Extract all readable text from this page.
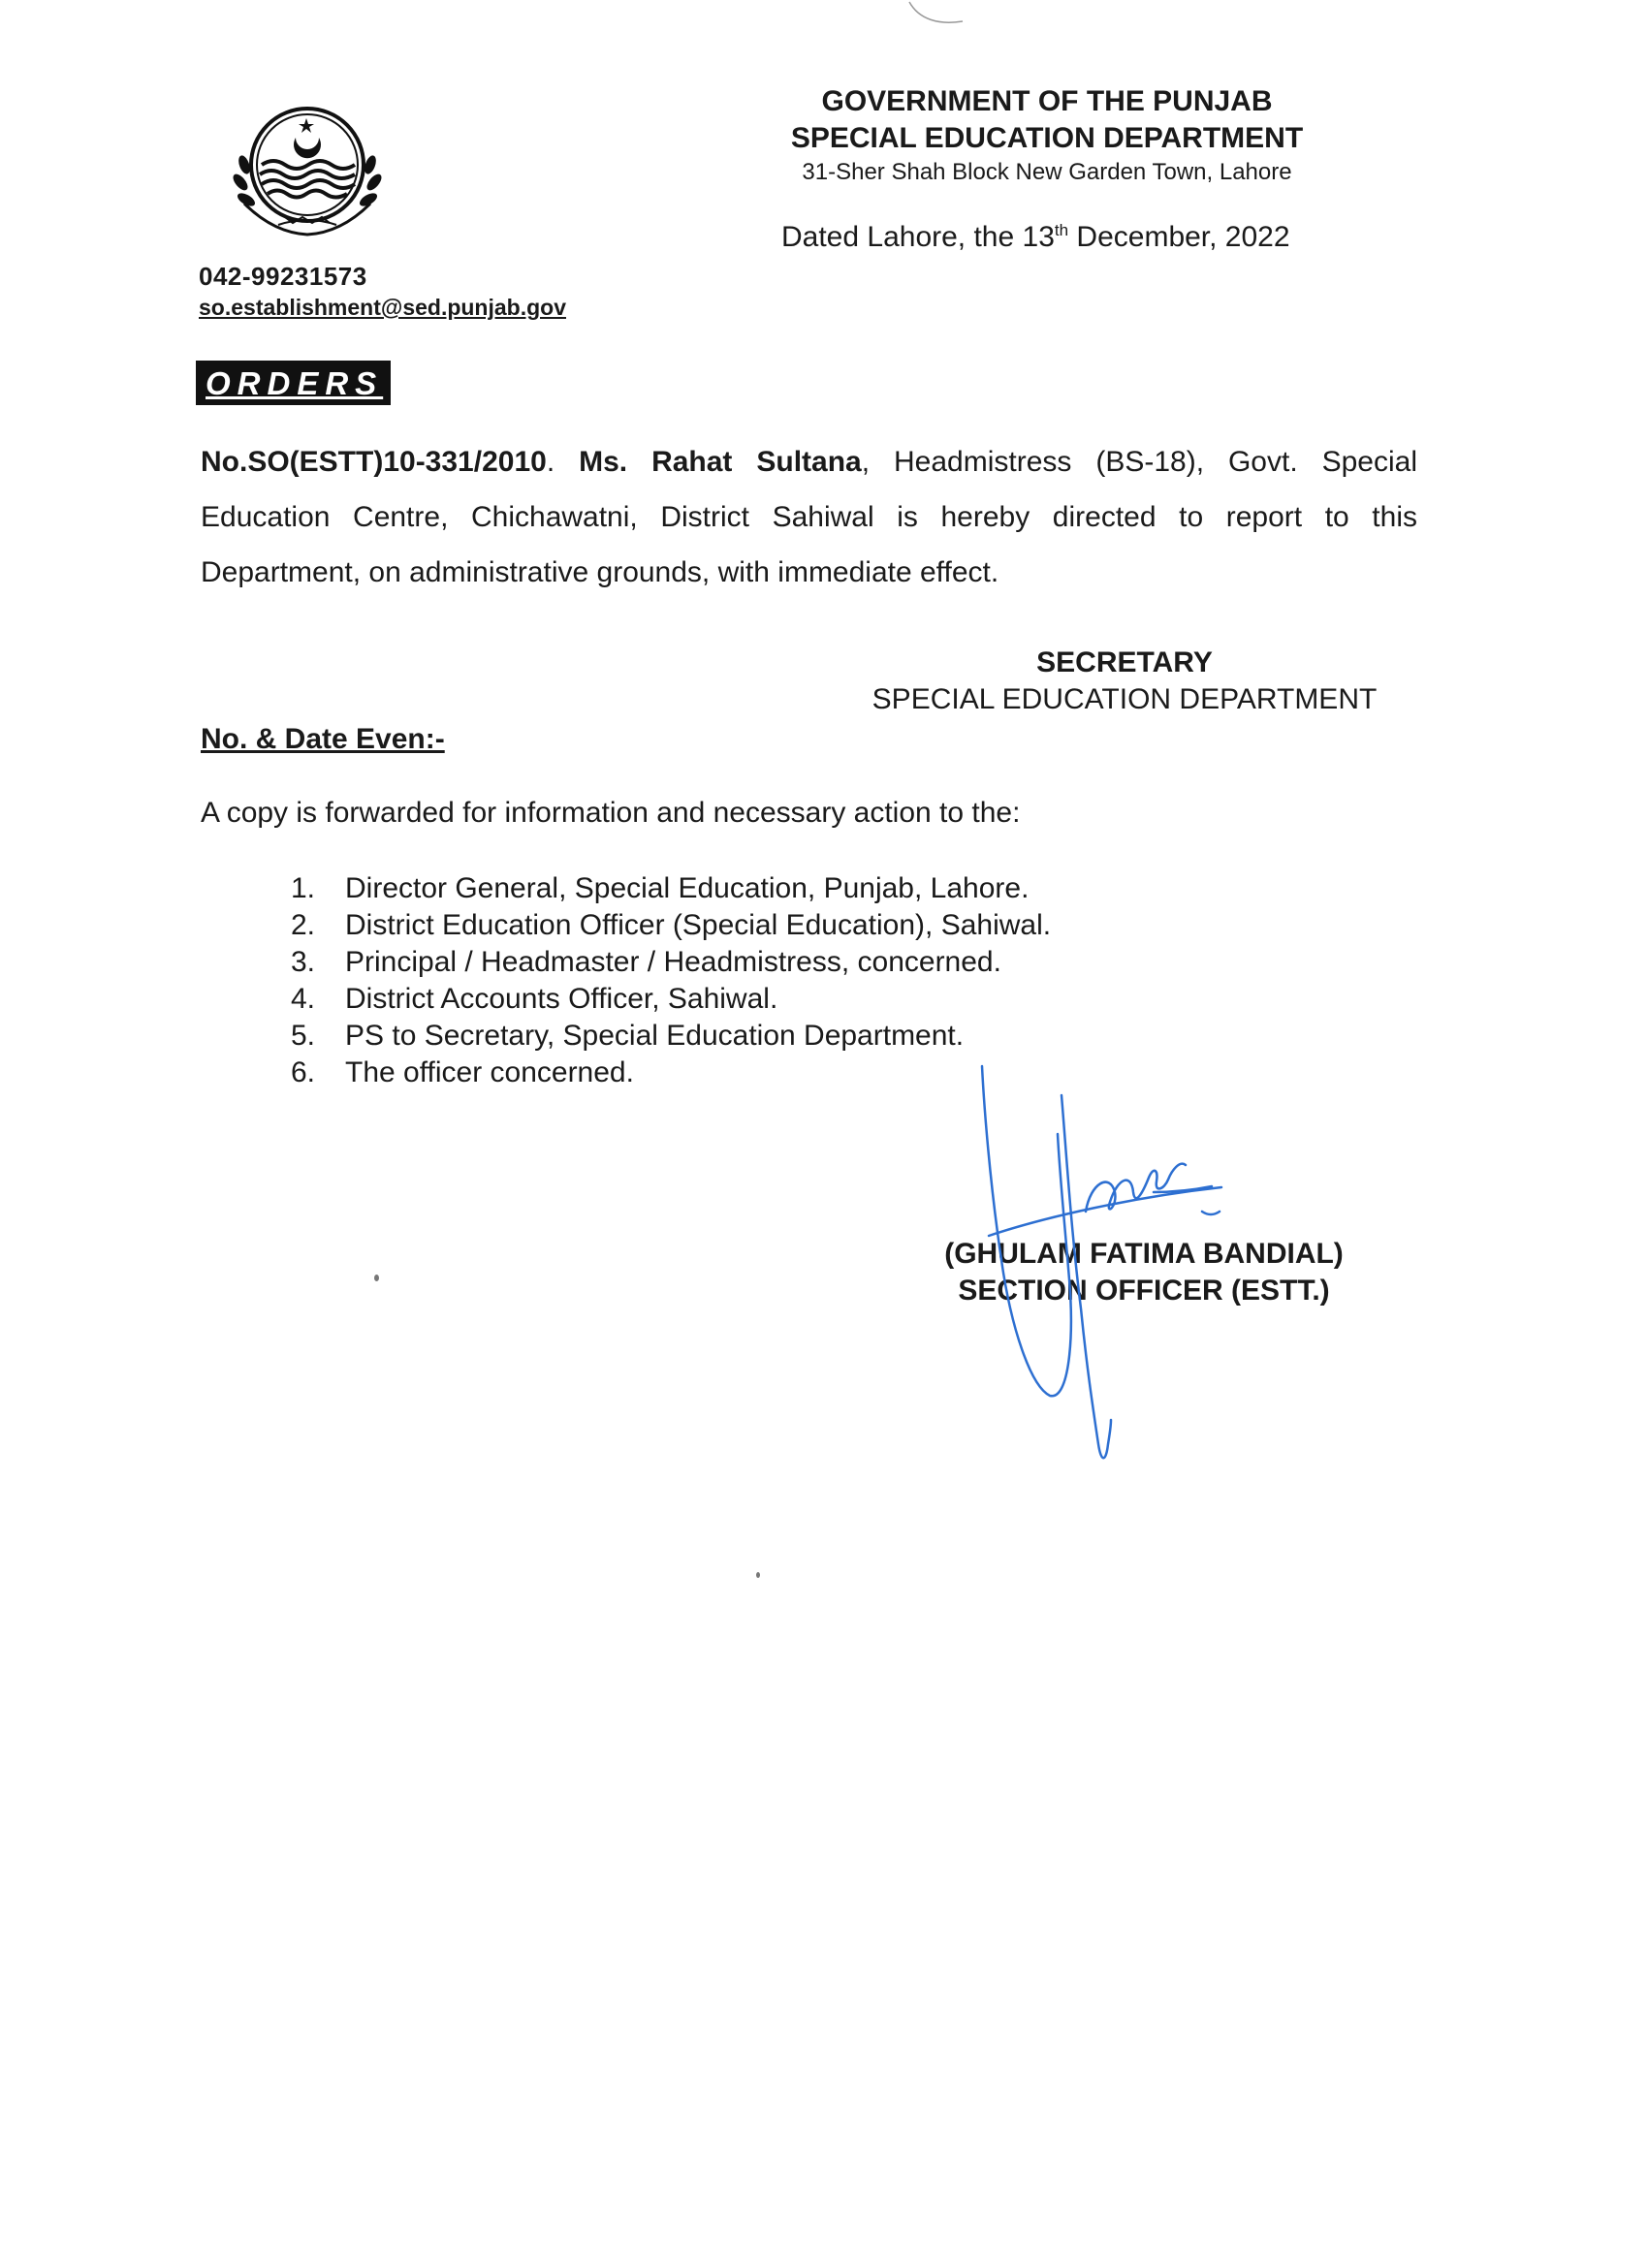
042-99231573
so.establishment@sed.punjab.gov
GOVERNMENT OF THE PUNJAB
SPECIAL EDUCATION DEPARTMENT
31-Sher Shah Block New Garden Town, Lahore
Dated Lahore, the 13th December, 2022
ORDERS
No.SO(ESTT)10-331/2010. Ms. Rahat Sultana, Headmistress (BS-18), Govt. Special Education Centre, Chichawatni, District Sahiwal is hereby directed to report to this Department, on administrative grounds, with immediate effect.
SECRETARY
SPECIAL EDUCATION DEPARTMENT
No. & Date Even:-
A copy is forwarded for information and necessary action to the:
1.	Director General, Special Education, Punjab, Lahore.
2.	District Education Officer (Special Education), Sahiwal.
3.	Principal / Headmaster / Headmistress, concerned.
4.	District Accounts Officer, Sahiwal.
5.	PS to Secretary, Special Education Department.
6.	The officer concerned.
(GHULAM FATIMA BANDIAL)
SECTION OFFICER (ESTT.)
